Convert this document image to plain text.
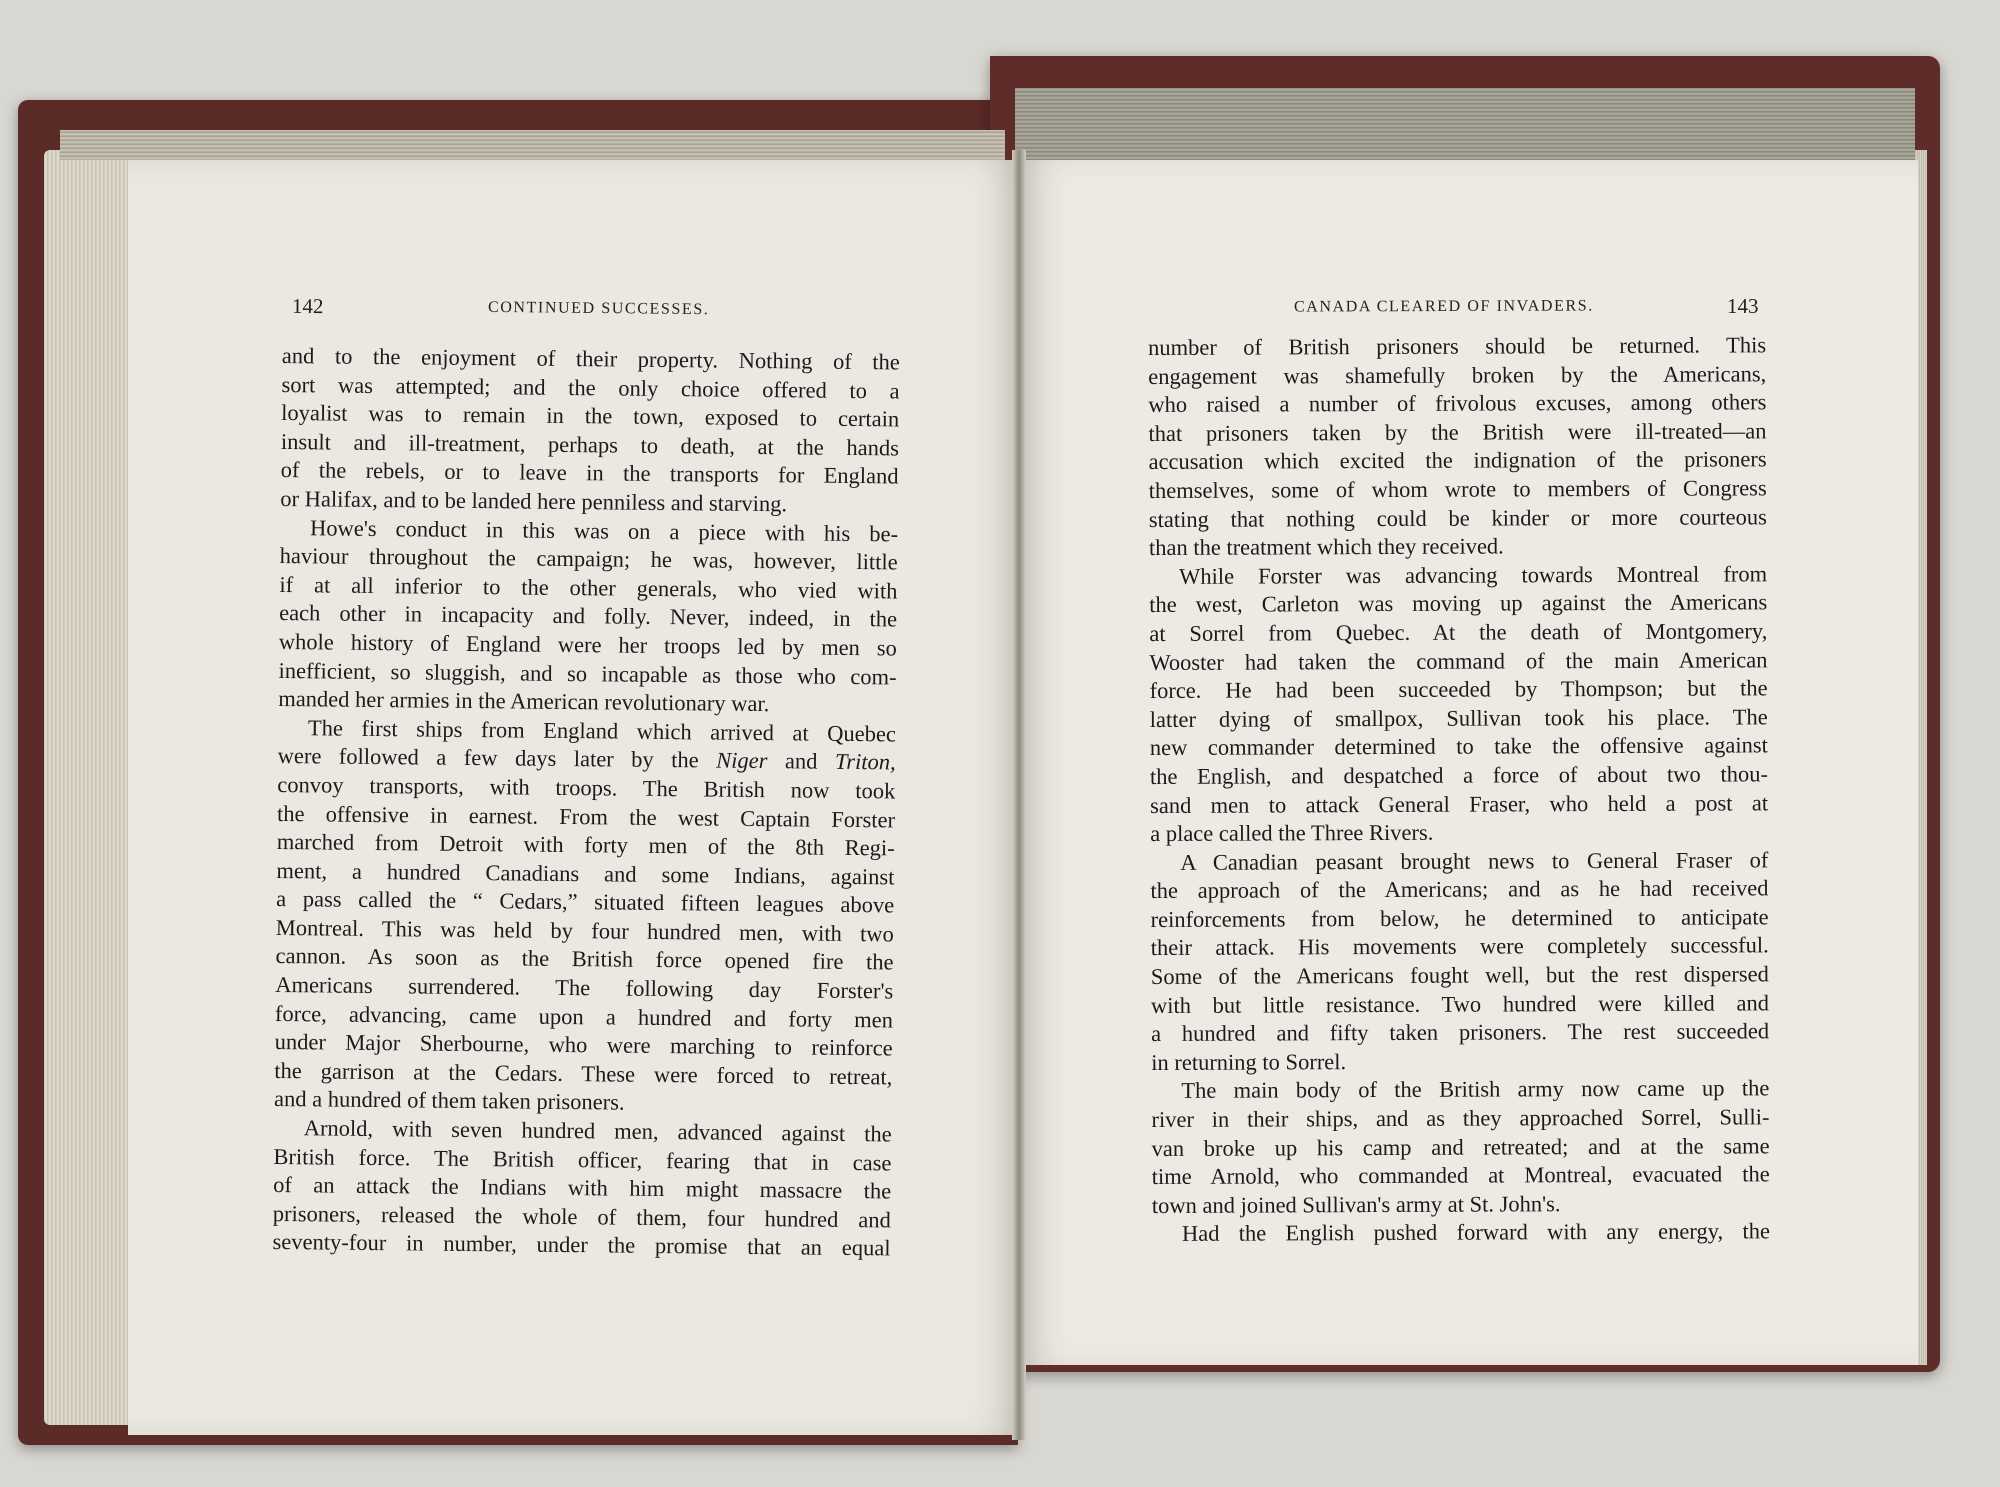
142	CONTINUED SUCCESSES.	CANADA CLEARED OF INVADERS.	143
and to the enjoyment of their property. Nothing of the
sort was attempted; and the only choice offered to a
loyalist was to remain in the town, exposed to certain
insult and ill-treatment, perhaps to death, at the hands
of the rebels, or to leave in the transports for England
or Halifax, and to be landed here penniless and starving.
Howe's conduct in this was on a piece with his be-
haviour throughout the campaign; he was, however, little
if at all inferior to the other generals, who vied with
each other in incapacity and folly. Never, indeed, in the
whole history of England were her troops led by men so
inefficient, so sluggish, and so incapable as those who com-
manded her armies in the American revolutionary war.
The first ships from England which arrived at Quebec
were followed a few days later by the Niger and Triton,
convoy transports, with troops. The British now took
the offensive in earnest. From the west Captain Forster
marched from Detroit with forty men of the 8th Regi-
ment, a hundred Canadians and some Indians, against
a pass called the “ Cedars,” situated fifteen leagues above
Montreal. This was held by four hundred men, with two
cannon. As soon as the British force opened fire the
Americans surrendered. The following day Forster's
force, advancing, came upon a hundred and forty men
under Major Sherbourne, who were marching to reinforce
the garrison at the Cedars. These were forced to retreat,
and a hundred of them taken prisoners.
Arnold, with seven hundred men, advanced against the
British force. The British officer, fearing that in case
of an attack the Indians with him might massacre the
prisoners, released the whole of them, four hundred and
seventy-four in number, under the promise that an equal
number of British prisoners should be returned. This
engagement was shamefully broken by the Americans,
who raised a number of frivolous excuses, among others
that prisoners taken by the British were ill-treated—an
accusation which excited the indignation of the prisoners
themselves, some of whom wrote to members of Congress
stating that nothing could be kinder or more courteous
than the treatment which they received.
While Forster was advancing towards Montreal from
the west, Carleton was moving up against the Americans
at Sorrel from Quebec. At the death of Montgomery,
Wooster had taken the command of the main American
force. He had been succeeded by Thompson; but the
latter dying of smallpox, Sullivan took his place. The
new commander determined to take the offensive against
the English, and despatched a force of about two thou-
sand men to attack General Fraser, who held a post at
a place called the Three Rivers.
A Canadian peasant brought news to General Fraser of
the approach of the Americans; and as he had received
reinforcements from below, he determined to anticipate
their attack. His movements were completely successful.
Some of the Americans fought well, but the rest dispersed
with but little resistance. Two hundred were killed and
a hundred and fifty taken prisoners. The rest succeeded
in returning to Sorrel.
The main body of the British army now came up the
river in their ships, and as they approached Sorrel, Sulli-
van broke up his camp and retreated; and at the same
time Arnold, who commanded at Montreal, evacuated the
town and joined Sullivan's army at St. John's.
Had the English pushed forward with any energy, the
